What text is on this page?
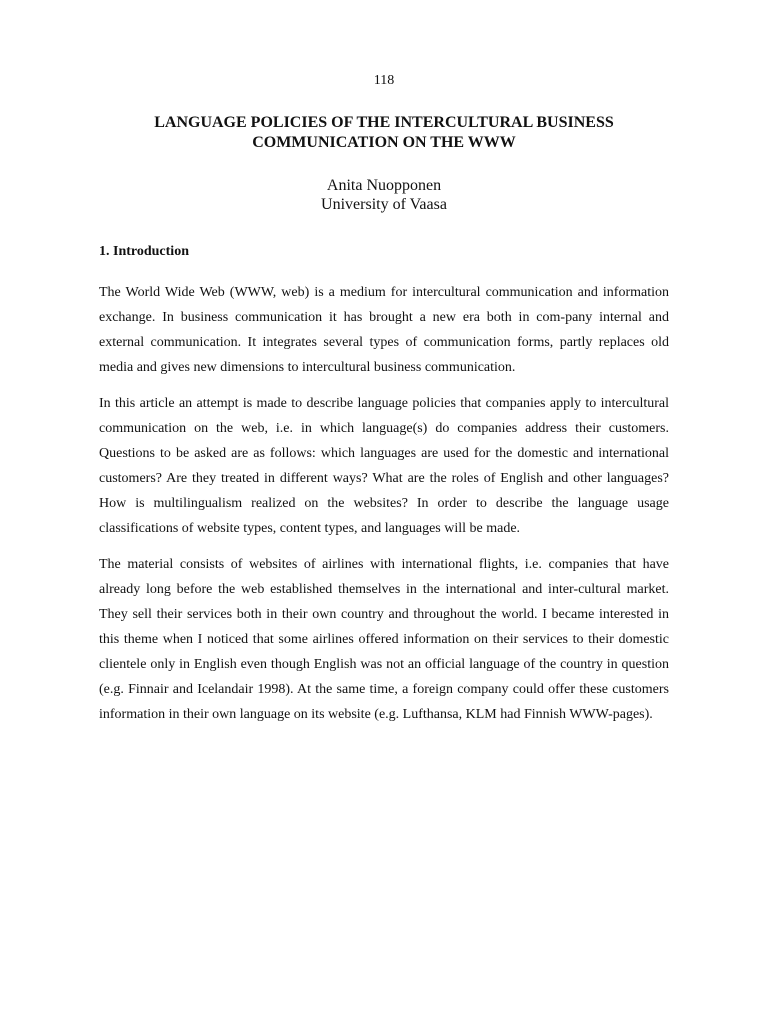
118

LANGUAGE POLICIES OF THE INTERCULTURAL BUSINESS
COMMUNICATION ON THE WWW
Anita Nuopponen
University of Vaasa
1. Introduction

The World Wide Web (WWW, web) is a medium for intercultural communication and information exchange. In business communication it has brought a new era both in com-pany internal and external communication. It integrates several types of communication forms, partly replaces old media and gives new dimensions to intercultural business communication.

In this article an attempt is made to describe language policies that companies apply to intercultural communication on the web, i.e. in which language(s) do companies address their customers. Questions to be asked are as follows: which languages are used for the domestic and international customers? Are they treated in different ways? What are the roles of English and other languages? How is multilingualism realized on the websites? In order to describe the language usage classifications of website types, content types, and languages will be made.

The material consists of websites of airlines with international flights, i.e. companies that have already long before the web established themselves in the international and inter-cultural market. They sell their services both in their own country and throughout the world. I became interested in this theme when I noticed that some airlines offered information on their services to their domestic clientele only in English even though English was not an official language of the country in question (e.g. Finnair and Icelandair 1998). At the same time, a foreign company could offer these customers information in their own language on its website (e.g. Lufthansa, KLM had Finnish WWW-pages).
